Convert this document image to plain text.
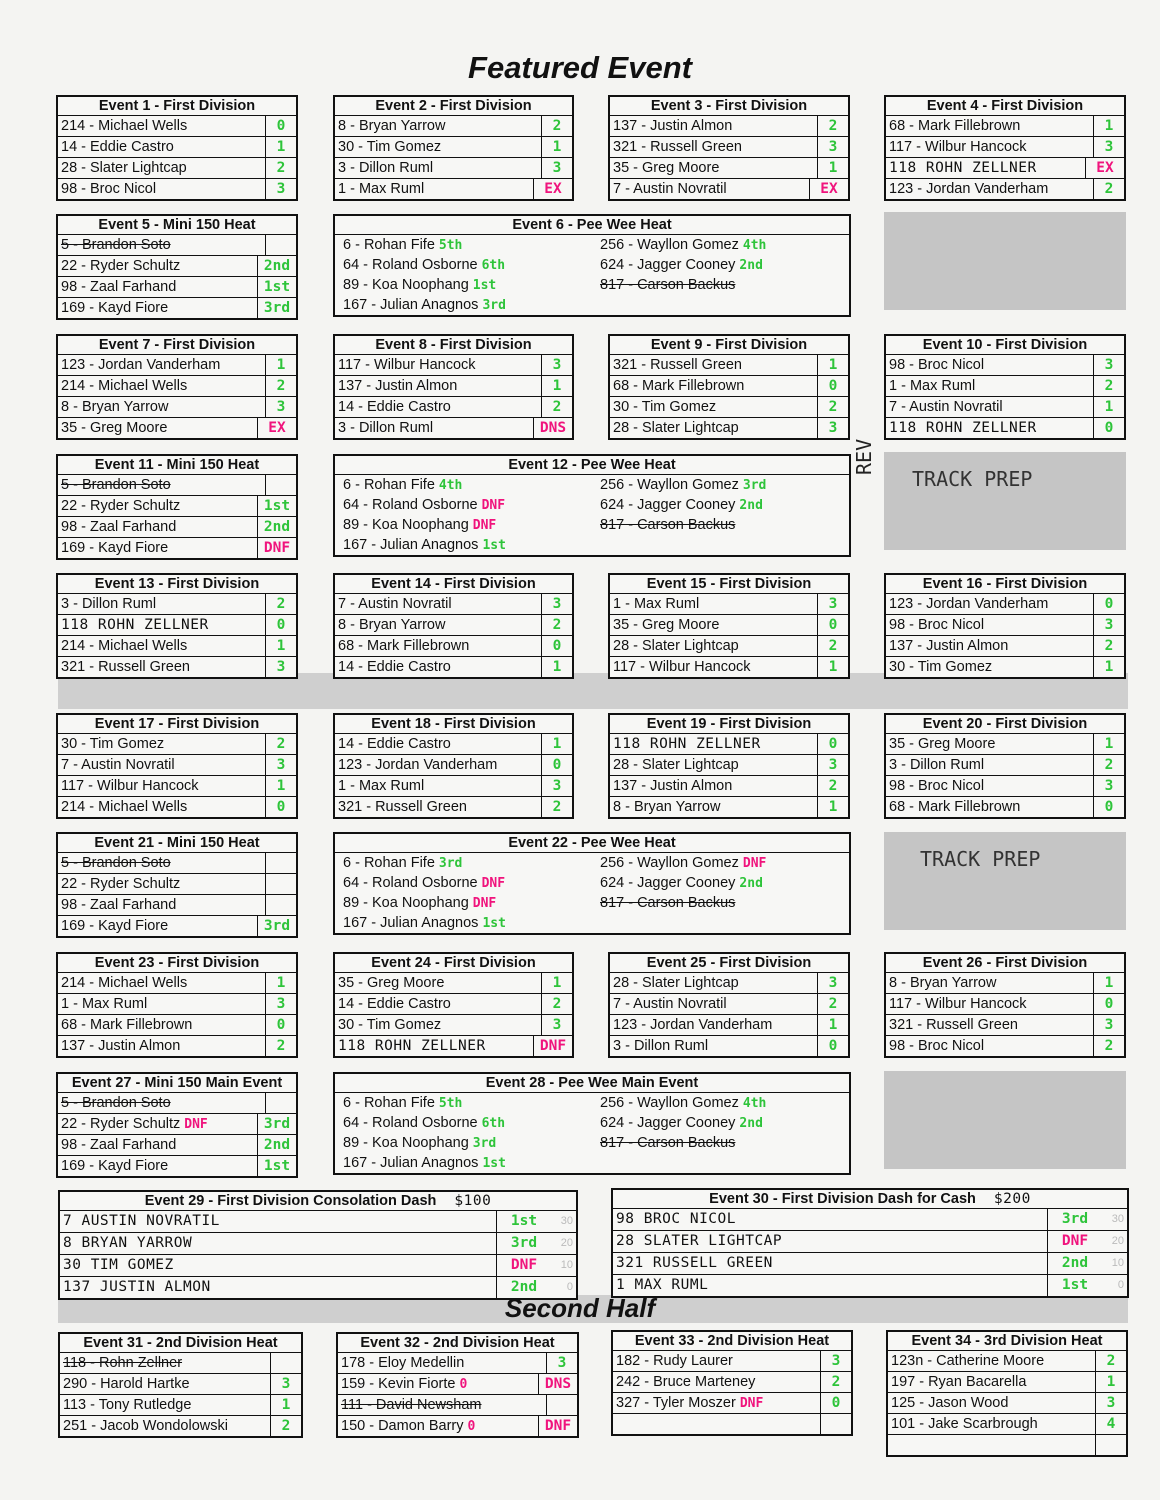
Featured Event
Second Half
TRACK PREP
TRACK PREP
REV
Event 1 - First Division
214 - Michael Wells	0
14 - Eddie Castro	1
28 - Slater Lightcap	2
98 - Broc Nicol	3
Event 2 - First Division
8 - Bryan Yarrow	2
30 - Tim Gomez	1
3 - Dillon Ruml	3
1 - Max Ruml	EX
Event 3 - First Division
137 - Justin Almon	2
321 - Russell Green	3
35 - Greg Moore	1
7 - Austin Novratil	EX
Event 4 - First Division
68 - Mark Fillebrown	1
117 - Wilbur Hancock	3
118 ROHN ZELLNER	EX
123 - Jordan Vanderham	2
Event 5 - Mini 150 Heat
5 - Brandon Soto
22 - Ryder Schultz	2nd
98 - Zaal Farhand	1st
169 - Kayd Fiore	3rd
Event 6 - Pee Wee Heat
6 - Rohan Fife 5th
64 - Roland Osborne 6th
89 - Koa Noophang 1st
167 - Julian Anagnos 3rd
256 - Wayllon Gomez 4th
624 - Jagger Cooney 2nd
817 - Carson Backus
Event 7 - First Division
123 - Jordan Vanderham	1
214 - Michael Wells	2
8 - Bryan Yarrow	3
35 - Greg Moore	EX
Event 8 - First Division
117 - Wilbur Hancock	3
137 - Justin Almon	1
14 - Eddie Castro	2
3 - Dillon Ruml	DNS
Event 9 - First Division
321 - Russell Green	1
68 - Mark Fillebrown	0
30 - Tim Gomez	2
28 - Slater Lightcap	3
Event 10 - First Division
98 - Broc Nicol	3
1 - Max Ruml	2
7 - Austin Novratil	1
118 ROHN ZELLNER	0
Event 11 - Mini 150 Heat
5 - Brandon Soto
22 - Ryder Schultz	1st
98 - Zaal Farhand	2nd
169 - Kayd Fiore	DNF
Event 12 - Pee Wee Heat
6 - Rohan Fife 4th
64 - Roland Osborne DNF
89 - Koa Noophang DNF
167 - Julian Anagnos 1st
256 - Wayllon Gomez 3rd
624 - Jagger Cooney 2nd
817 - Carson Backus
Event 13 - First Division
3 - Dillon Ruml	2
118 ROHN ZELLNER	0
214 - Michael Wells	1
321 - Russell Green	3
Event 14 - First Division
7 - Austin Novratil	3
8 - Bryan Yarrow	2
68 - Mark Fillebrown	0
14 - Eddie Castro	1
Event 15 - First Division
1 - Max Ruml	3
35 - Greg Moore	0
28 - Slater Lightcap	2
117 - Wilbur Hancock	1
Event 16 - First Division
123 - Jordan Vanderham	0
98 - Broc Nicol	3
137 - Justin Almon	2
30 - Tim Gomez	1
Event 17 - First Division
30 - Tim Gomez	2
7 - Austin Novratil	3
117 - Wilbur Hancock	1
214 - Michael Wells	0
Event 18 - First Division
14 - Eddie Castro	1
123 - Jordan Vanderham	0
1 - Max Ruml	3
321 - Russell Green	2
Event 19 - First Division
118 ROHN ZELLNER	0
28 - Slater Lightcap	3
137 - Justin Almon	2
8 - Bryan Yarrow	1
Event 20 - First Division
35 - Greg Moore	1
3 - Dillon Ruml	2
98 - Broc Nicol	3
68 - Mark Fillebrown	0
Event 21 - Mini 150 Heat
5 - Brandon Soto
22 - Ryder Schultz
98 - Zaal Farhand
169 - Kayd Fiore	3rd
Event 22 - Pee Wee Heat
6 - Rohan Fife 3rd
64 - Roland Osborne DNF
89 - Koa Noophang DNF
167 - Julian Anagnos 1st
256 - Wayllon Gomez DNF
624 - Jagger Cooney 2nd
817 - Carson Backus
Event 23 - First Division
214 - Michael Wells	1
1 - Max Ruml	3
68 - Mark Fillebrown	0
137 - Justin Almon	2
Event 24 - First Division
35 - Greg Moore	1
14 - Eddie Castro	2
30 - Tim Gomez	3
118 ROHN ZELLNER	DNF
Event 25 - First Division
28 - Slater Lightcap	3
7 - Austin Novratil	2
123 - Jordan Vanderham	1
3 - Dillon Ruml	0
Event 26 - First Division
8 - Bryan Yarrow	1
117 - Wilbur Hancock	0
321 - Russell Green	3
98 - Broc Nicol	2
Event 27 - Mini 150 Main Event
5 - Brandon Soto
22 - Ryder Schultz DNF	3rd
98 - Zaal Farhand	2nd
169 - Kayd Fiore	1st
Event 28 - Pee Wee Main Event
6 - Rohan Fife 5th
64 - Roland Osborne 6th
89 - Koa Noophang 3rd
167 - Julian Anagnos 1st
256 - Wayllon Gomez 4th
624 - Jagger Cooney 2nd
817 - Carson Backus
Event 29 - First Division Consolation Dash $100
7 AUSTIN NOVRATIL	1st	30
8 BRYAN YARROW	3rd	20
30 TIM GOMEZ	DNF	10
137 JUSTIN ALMON	2nd	0
Event 30 - First Division Dash for Cash $200
98 BROC NICOL	3rd	30
28 SLATER LIGHTCAP	DNF	20
321 RUSSELL GREEN	2nd	10
1 MAX RUML	1st	0
Event 31 - 2nd Division Heat
118 - Rohn Zellner
290 - Harold Hartke	3
113 - Tony Rutledge	1
251 - Jacob Wondolowski	2
Event 32 - 2nd Division Heat
178 - Eloy Medellin	3
159 - Kevin Fiorte 0	DNS
111 - David Newsham
150 - Damon Barry 0	DNF
Event 33 - 2nd Division Heat
182 - Rudy Laurer	3
242 - Bruce Marteney	2
327 - Tyler Moszer DNF	0
Event 34 - 3rd Division Heat
123n - Catherine Moore	2
197 - Ryan Bacarella	1
125 - Jason Wood	3
101 - Jake Scarbrough	4
